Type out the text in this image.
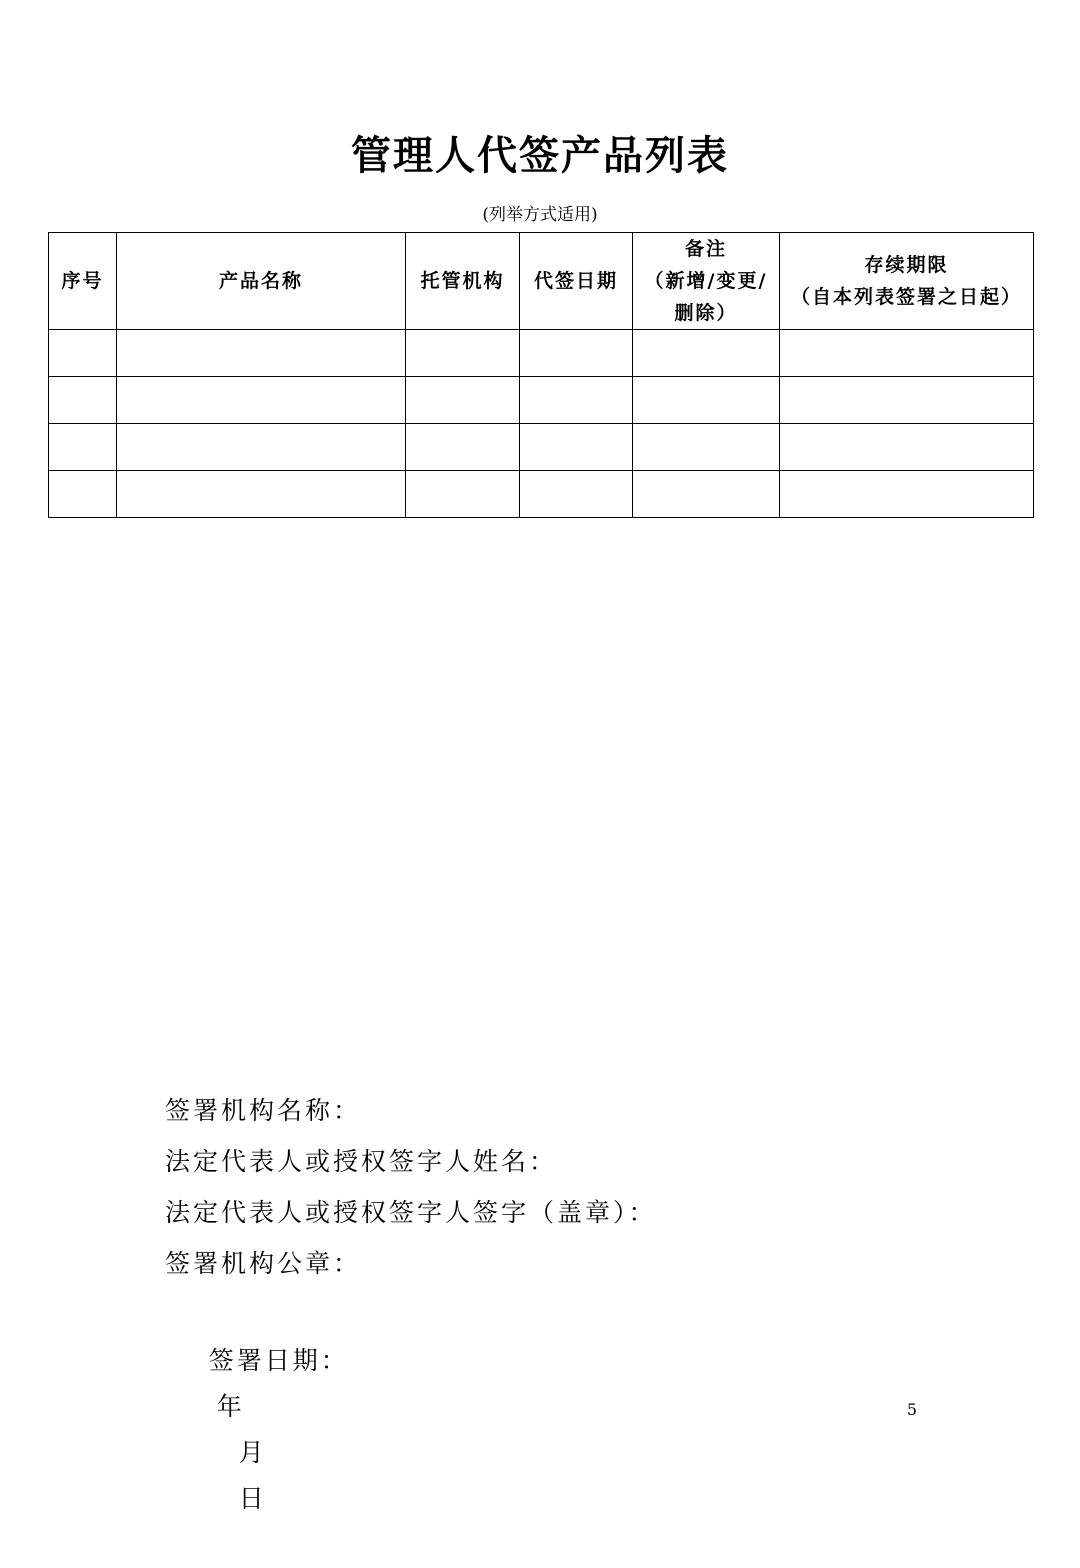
管理人代签产品列表
(列举方式适用)
序号	产品名称	托管机构	代签日期	备注
（新增/变更/
删除）	存续期限
（自本列表签署之日起）

签署机构名称：
法定代表人或授权签字人姓名：
法定代表人或授权签字人签字（盖章）：
签署机构公章：

签署日期：
年
月
日

5
